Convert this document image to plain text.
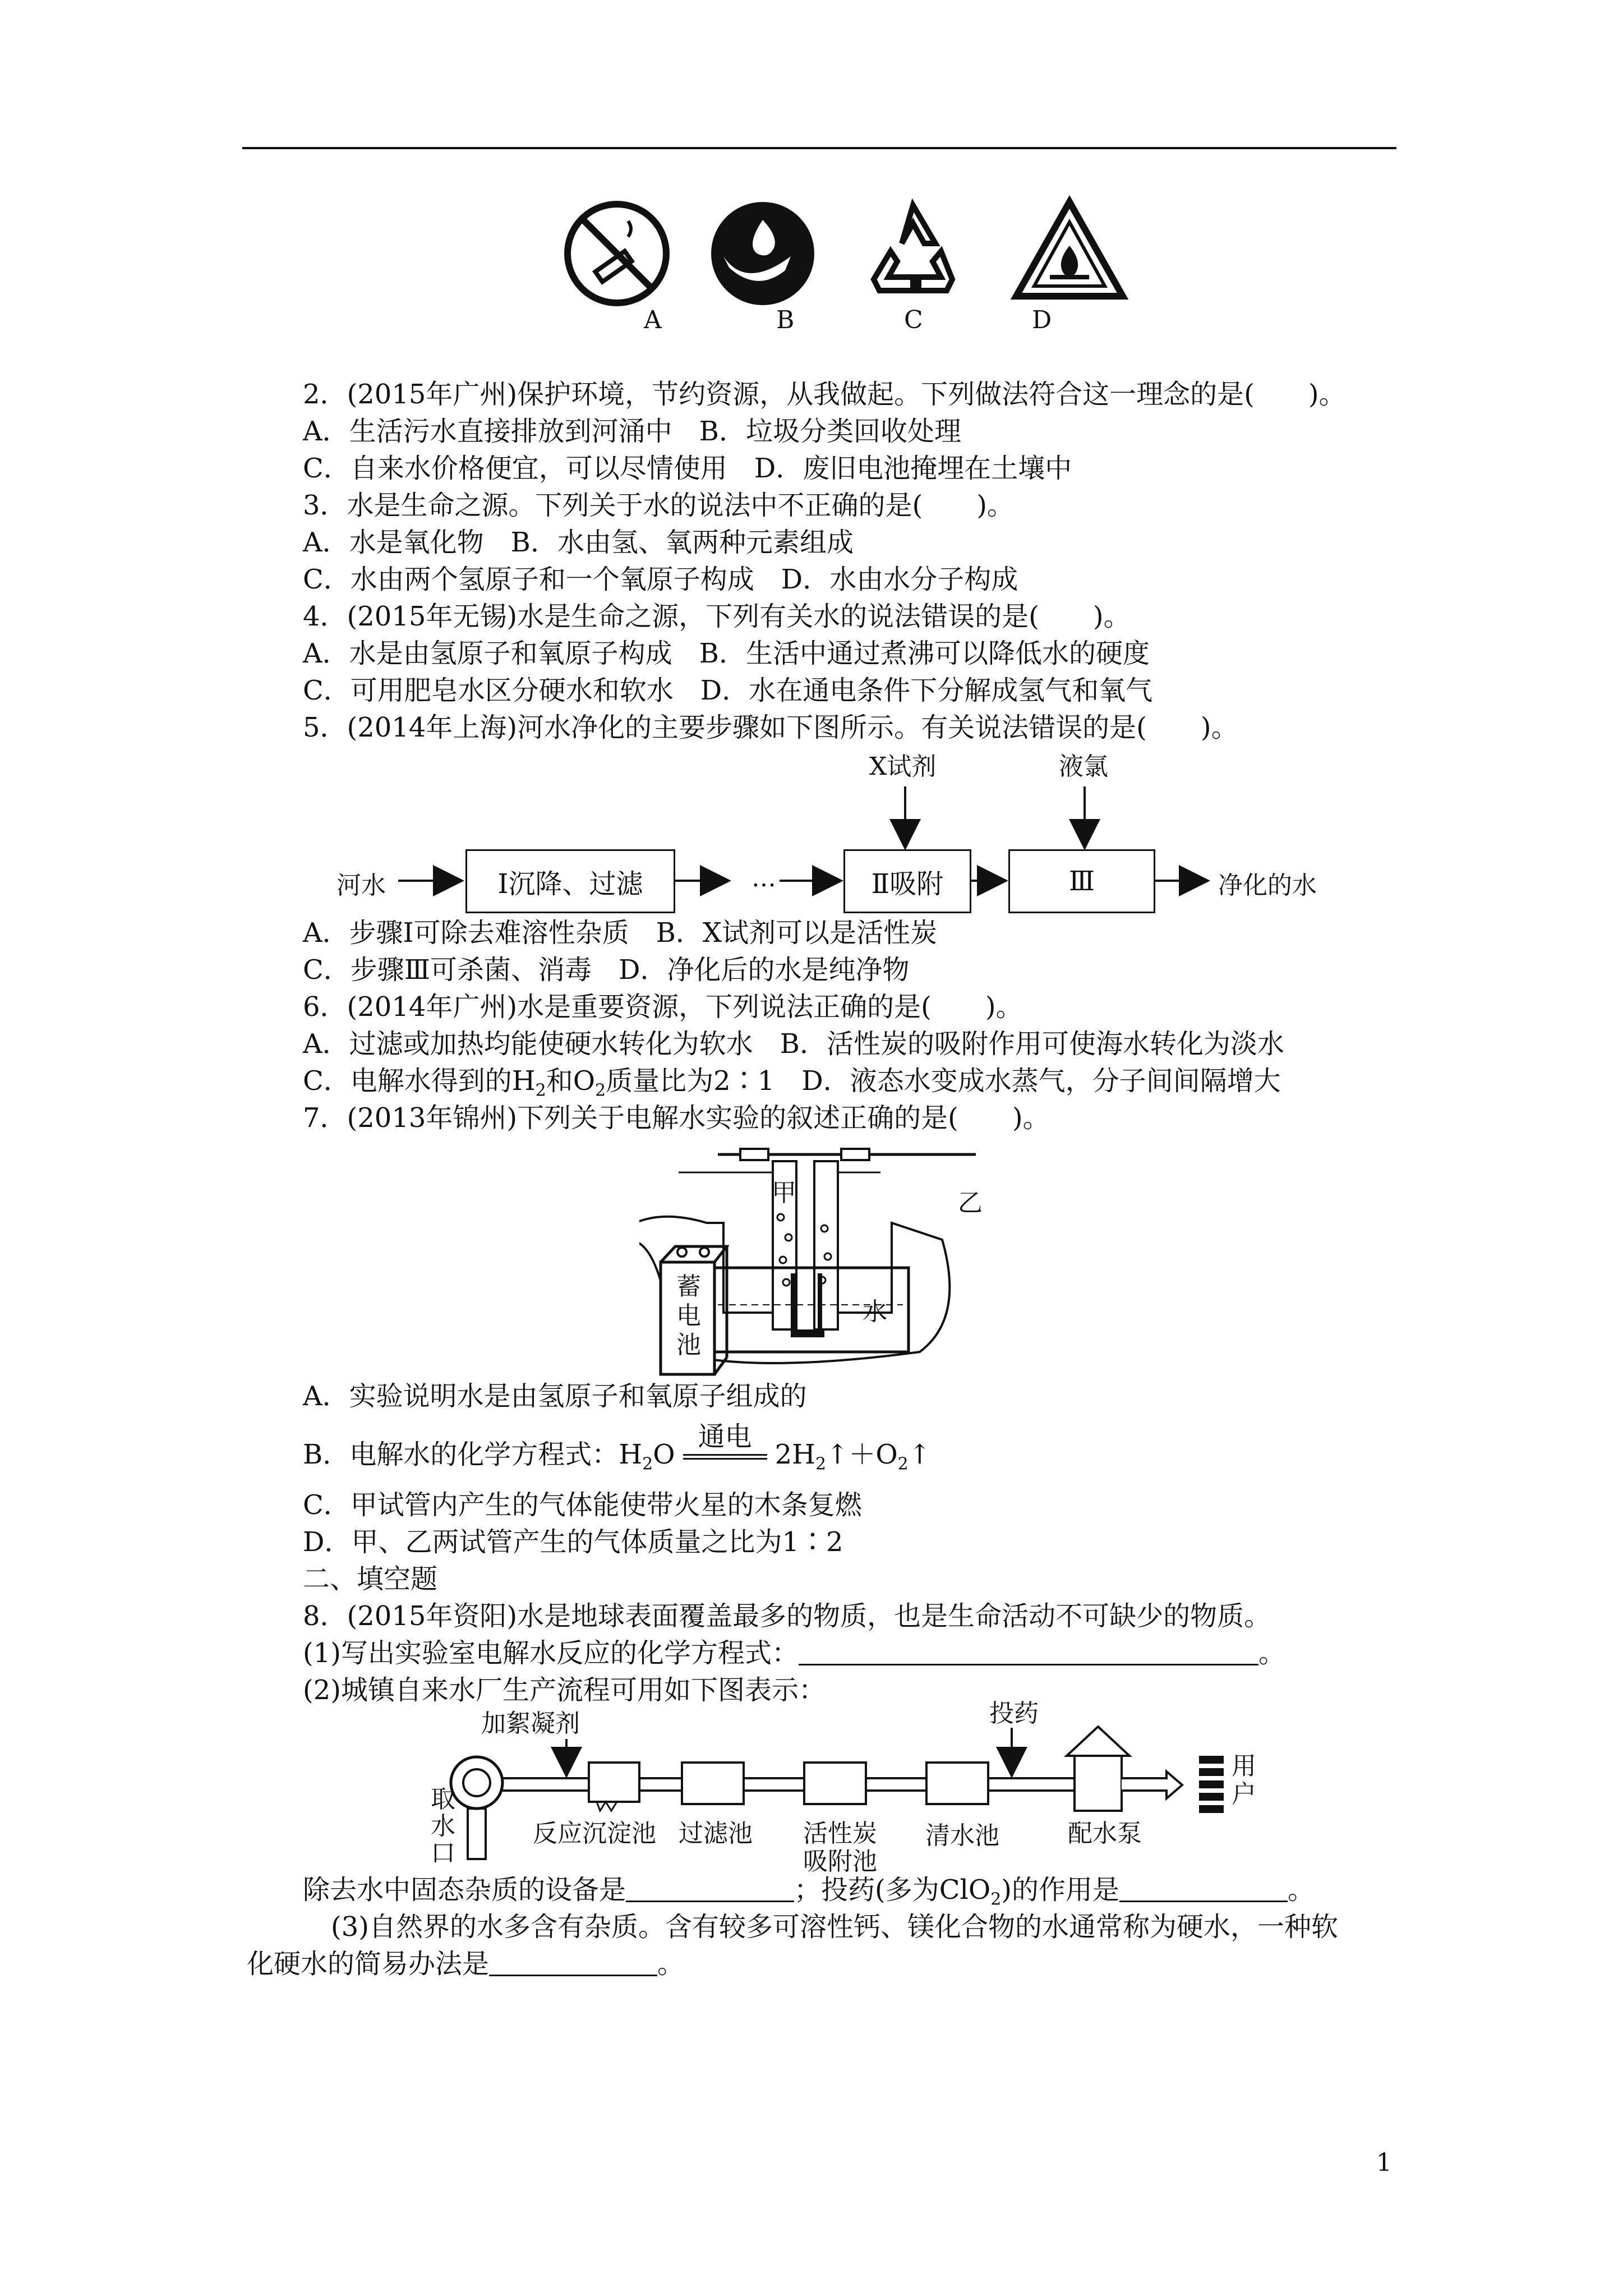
A	B	C	D
2．(2015年广州)保护环境，节约资源，从我做起。下列做法符合这一理念的是(　　)。
A．生活污水直接排放到河涌中　B．垃圾分类回收处理
C．自来水价格便宜，可以尽情使用　D．废旧电池掩埋在土壤中
3．水是生命之源。下列关于水的说法中不正确的是(　　)。
A．水是氧化物　B．水由氢、氧两种元素组成
C．水由两个氢原子和一个氧原子构成　D．水由水分子构成
4．(2015年无锡)水是生命之源，下列有关水的说法错误的是(　　)。
A．水是由氢原子和氧原子构成　B．生活中通过煮沸可以降低水的硬度
C．可用肥皂水区分硬水和软水　D．水在通电条件下分解成氢气和氧气
5．(2014年上海)河水净化的主要步骤如下图所示。有关说法错误的是(　　)。
X试剂	液氯
河水	Ⅰ沉降、过滤	…	Ⅱ吸附	Ⅲ	净化的水
A．步骤Ⅰ可除去难溶性杂质　B．X试剂可以是活性炭
C．步骤Ⅲ可杀菌、消毒　D．净化后的水是纯净物
6．(2014年广州)水是重要资源，下列说法正确的是(　　)。
A．过滤或加热均能使硬水转化为软水　B．活性炭的吸附作用可使海水转化为淡水
C．电解水得到的$H_2$和$O_2$质量比为2∶1　D．液态水变成水蒸气，分子间间隔增大
7．(2013年锦州)下列关于电解水实验的叙述正确的是(　　)。
甲	乙
水
蓄电池
A．实验说明水是由氢原子和氧原子组成的
B．电解水的化学方程式：$H_2O$
通电
$2H_2↑+O_2↑$
C．甲试管内产生的气体能使带火星的木条复燃
D．甲、乙两试管产生的气体质量之比为1∶2
二、填空题
8．(2015年资阳)水是地球表面覆盖最多的物质，也是生命活动不可缺少的物质。
(1)写出实验室电解水反应的化学方程式：	。
(2)城镇自来水厂生产流程可用如下图表示：
加絮凝剂	投药
取水口
反应沉淀池 过滤池 活性炭
吸附池
清水池	配水泵
用户
除去水中固态杂质的设备是	；投药(多为ClO$_2$)的作用是	。
(3)自然界的水多含有杂质。含有较多可溶性钙、镁化合物的水通常称为硬水，一种软
化硬水的简易办法是	。
1
